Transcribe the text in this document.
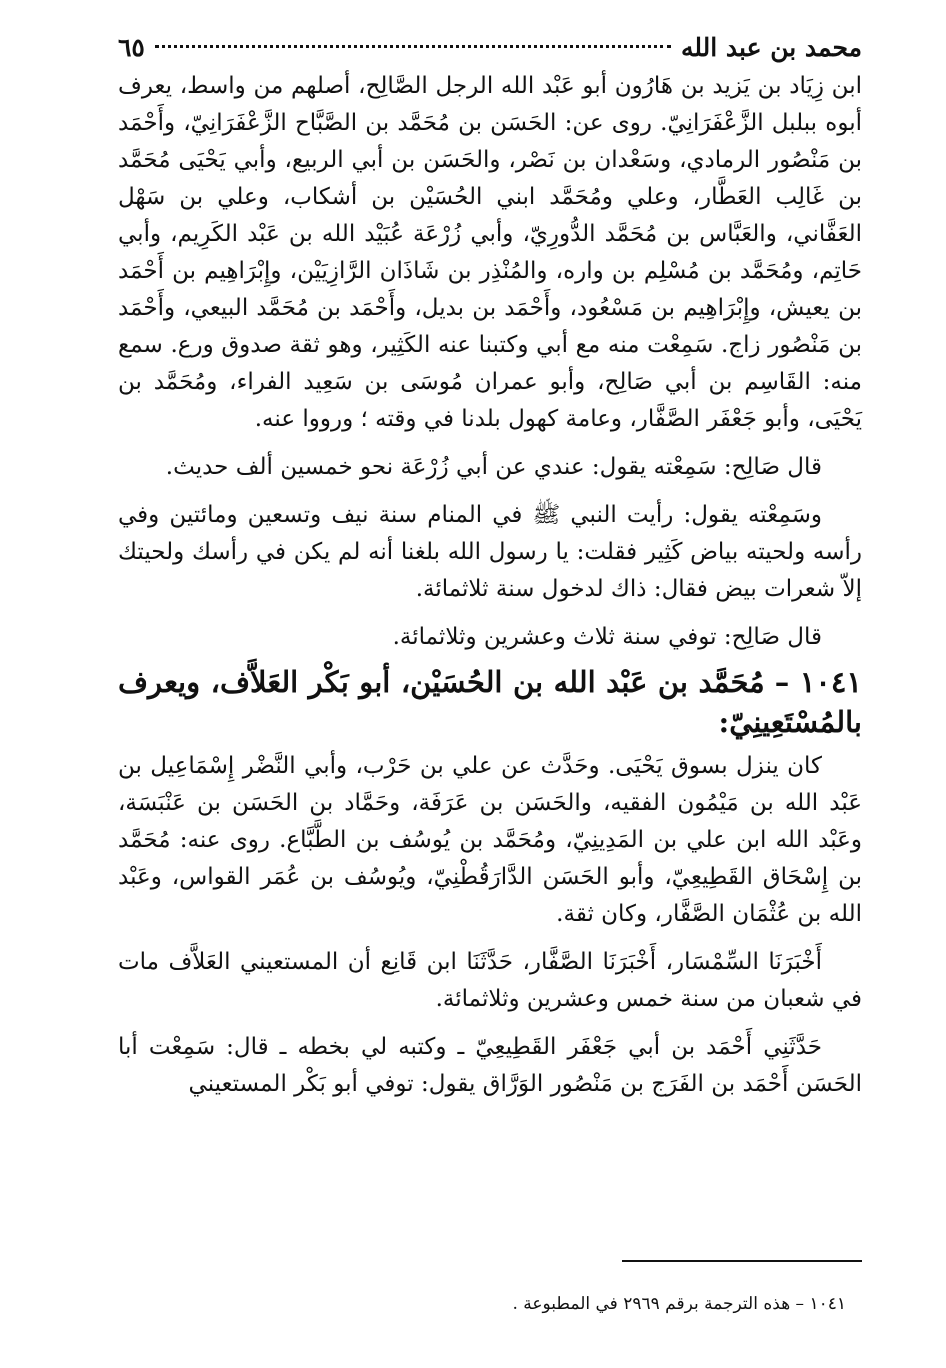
محمد بن عبد الله
٦٥

ابن زِيَاد بن يَزيد بن هَارُون أبو عَبْد الله الرجل الصَّالِح، أصلهم من واسط، يعرف أبوه ببلبل الزَّعْفَرَانِيّ. روى عن: الحَسَن بن مُحَمَّد بن الصَّبَّاح الزَّعْفَرَانِيّ، وأَحْمَد بن مَنْصُور الرمادي، وسَعْدان بن نَصْر، والحَسَن بن أبي الربيع، وأبي يَحْيَى مُحَمَّد بن غَالِب العَطَّار، وعلي ومُحَمَّد ابني الحُسَيْن بن أشكاب، وعلي بن سَهْل العَفَّاني، والعَبَّاس بن مُحَمَّد الدُّورِيّ، وأبي زُرْعَة عُبَيْد الله بن عَبْد الكَرِيم، وأبي حَاتِم، ومُحَمَّد بن مُسْلِم بن واره، والمُنْذِر بن شَاذَان الرَّازِيَيْن، وإِبْرَاهِيم بن أَحْمَد بن يعيش، وإِبْرَاهِيم بن مَسْعُود، وأَحْمَد بن بديل، وأَحْمَد بن مُحَمَّد البيعي، وأَحْمَد بن مَنْصُور زاج. سَمِعْت منه مع أبي وكتبنا عنه الكَثِير، وهو ثقة صدوق ورع. سمع منه: القَاسِم بن أبي صَالِح، وأبو عمران مُوسَى بن سَعِيد الفراء، ومُحَمَّد بن يَحْيَى، وأبو جَعْفَر الصَّفَّار، وعامة كهول بلدنا في وقته ؛ ورووا عنه.

قال صَالِح: سَمِعْته يقول: عندي عن أبي زُرْعَة نحو خمسين ألف حديث.

وسَمِعْته يقول: رأيت النبي ﷺ في المنام سنة نيف وتسعين ومائتين وفي رأسه ولحيته بياض كَثِير فقلت: يا رسول الله بلغنا أنه لم يكن في رأسك ولحيتك إلاّ شعرات بيض فقال: ذاك لدخول سنة ثلاثمائة.

قال صَالِح: توفي سنة ثلاث وعشرين وثلاثمائة.

١٠٤١ –مُحَمَّد بن عَبْد الله بن الحُسَيْن، أبو بَكْر العَلاَّف، ويعرف بالمُسْتَعِينِيّ:

كان ينزل بسوق يَحْيَى. وحَدَّث عن علي بن حَرْب، وأبي النَّضْر إِسْمَاعِيل بن عَبْد الله بن مَيْمُون الفقيه، والحَسَن بن عَرَفَة، وحَمَّاد بن الحَسَن بن عَنْبَسَة، وعَبْد الله ابن علي بن المَدِينِيّ، ومُحَمَّد بن يُوسُف بن الطَّبَّاع. روى عنه: مُحَمَّد بن إِسْحَاق القَطِيعِيّ، وأبو الحَسَن الدَّارَقُطْنِيّ، ويُوسُف بن عُمَر القواس، وعَبْد الله بن عُثْمَان الصَّفَّار، وكان ثقة.

أَخْبَرَنَا السِّمْسَار، أَخْبَرَنَا الصَّفَّار، حَدَّثَنَا ابن قَانِع أن المستعيني العَلاَّف مات في شعبان من سنة خمس وعشرين وثلاثمائة.

حَدَّثَنِي أَحْمَد بن أبي جَعْفَر القَطِيعِيّ ـ وكتبه لي بخطه ـ قال: سَمِعْت أبا الحَسَن أَحْمَد بن الفَرَج بن مَنْصُور الوَرَّاق يقول: توفي أبو بَكْر المستعيني

١٠٤١ – هذه الترجمة برقم ٢٩٦٩ في المطبوعة .
